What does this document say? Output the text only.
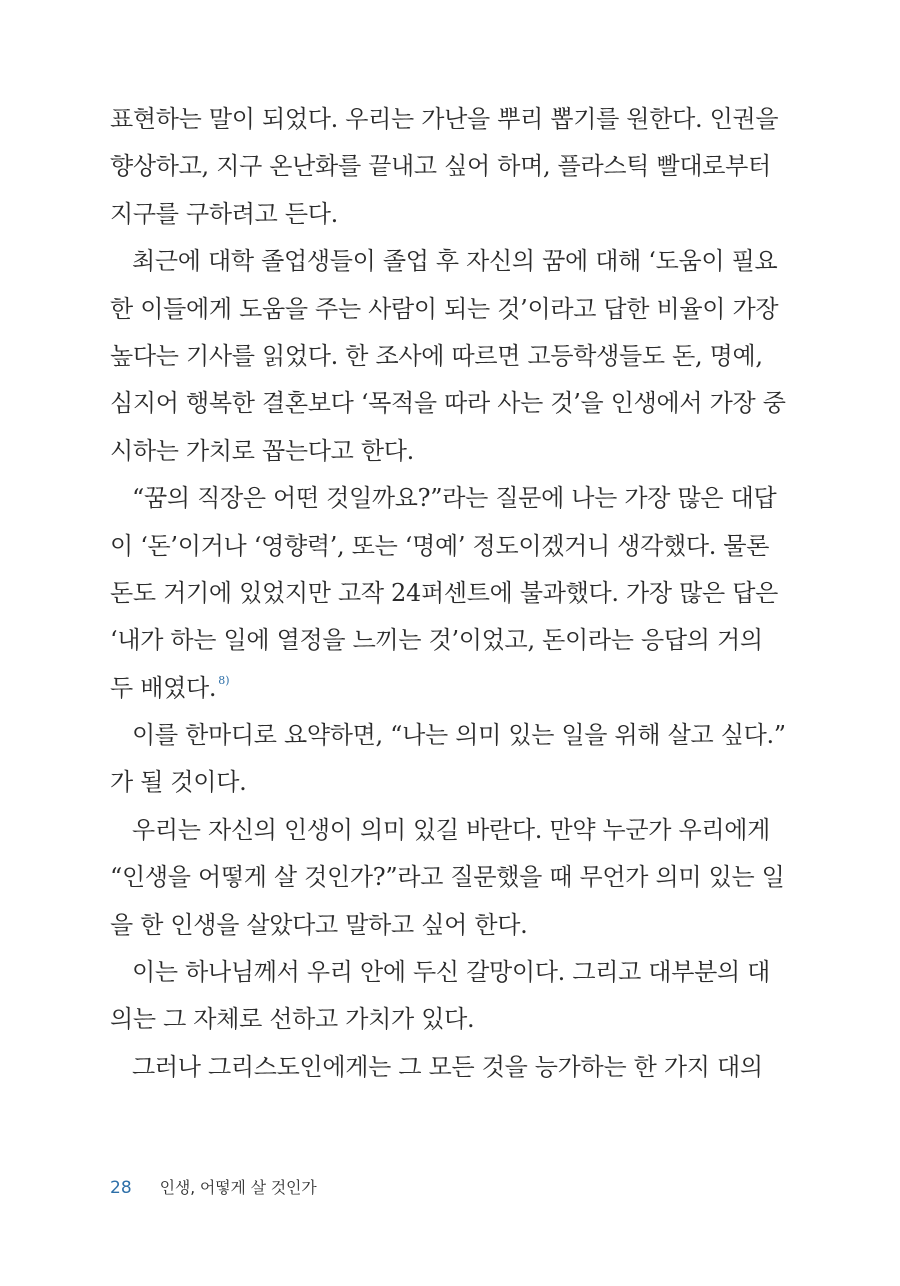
표현하는 말이 되었다. 우리는 가난을 뿌리 뽑기를 원한다. 인권을
향상하고, 지구 온난화를 끝내고 싶어 하며, 플라스틱 빨대로부터
지구를 구하려고 든다.
최근에 대학 졸업생들이 졸업 후 자신의 꿈에 대해 ‘도움이 필요
한 이들에게 도움을 주는 사람이 되는 것’이라고 답한 비율이 가장
높다는 기사를 읽었다. 한 조사에 따르면 고등학생들도 돈, 명예,
심지어 행복한 결혼보다 ‘목적을 따라 사는 것’을 인생에서 가장 중
시하는 가치로 꼽는다고 한다.
“꿈의 직장은 어떤 것일까요?”라는 질문에 나는 가장 많은 대답
이 ‘돈’이거나 ‘영향력’, 또는 ‘명예’ 정도이겠거니 생각했다. 물론
돈도 거기에 있었지만 고작 24퍼센트에 불과했다. 가장 많은 답은
‘내가 하는 일에 열정을 느끼는 것’이었고, 돈이라는 응답의 거의
두 배였다. $^{8)}$
이를 한마디로 요약하면, “나는 의미 있는 일을 위해 살고 싶다.”
가 될 것이다.
우리는 자신의 인생이 의미 있길 바란다. 만약 누군가 우리에게
“인생을 어떻게 살 것인가?”라고 질문했을 때 무언가 의미 있는 일
을 한 인생을 살았다고 말하고 싶어 한다.
이는 하나님께서 우리 안에 두신 갈망이다. 그리고 대부분의 대
의는 그 자체로 선하고 가치가 있다.
그러나 그리스도인에게는 그 모든 것을 능가하는 한 가지 대의
28 인생, 어떻게 살 것인가
